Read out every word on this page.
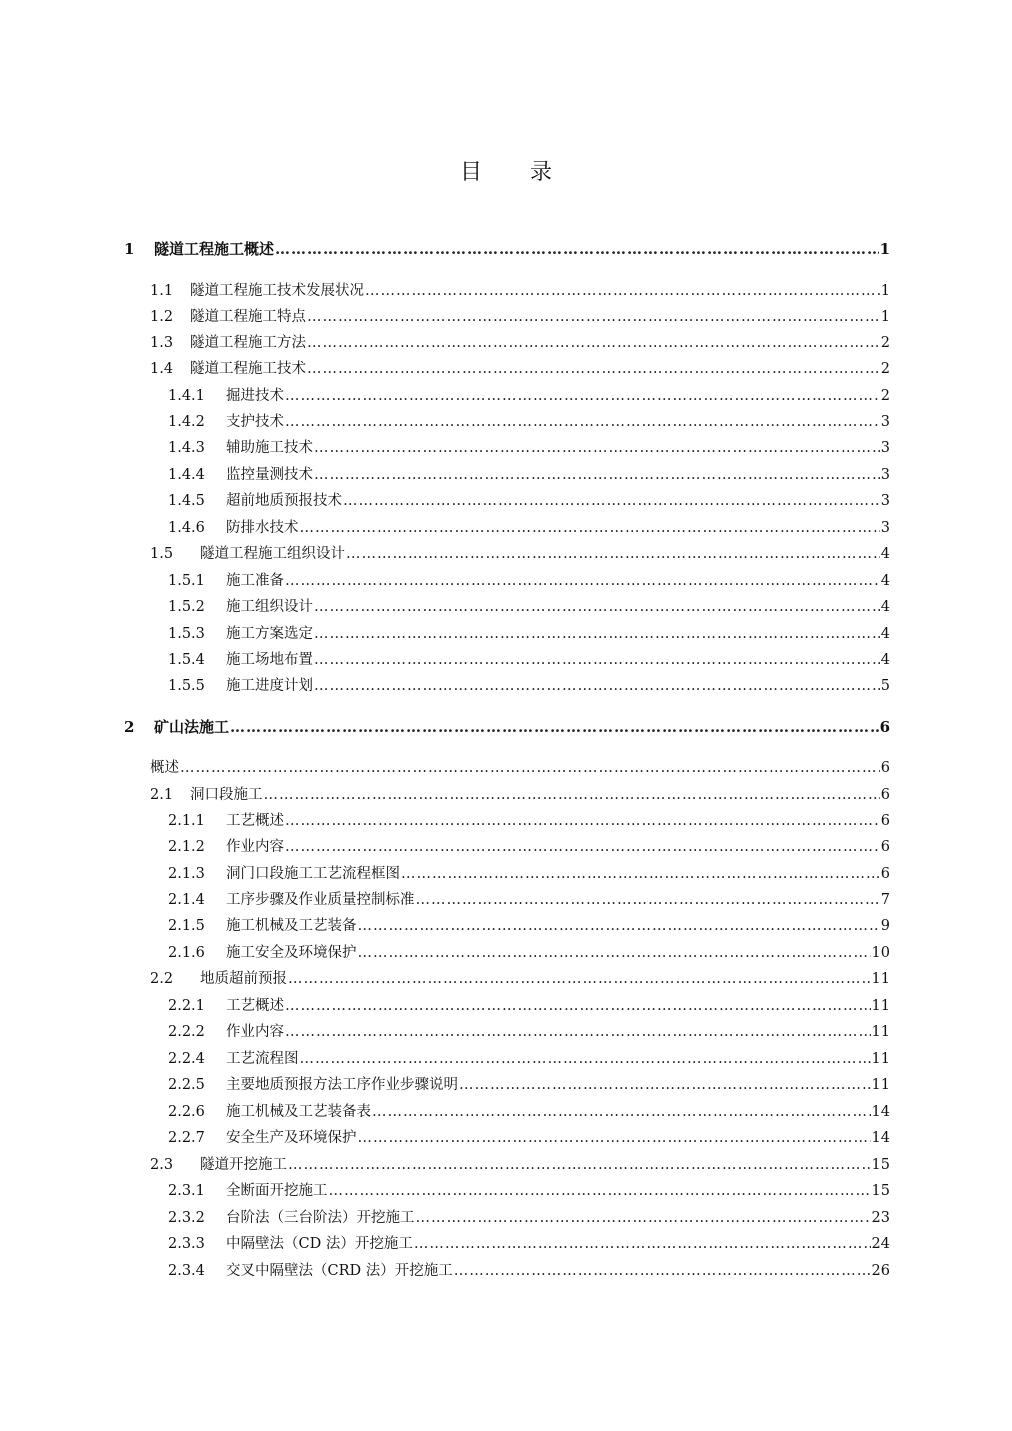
目 录
1	隧道工程施工概述 …………………………………………………………………………………………………………………………………………………………………………………………………	1
1.1	隧道工程施工技术发展状况 …………………………………………………………………………………………………………………………………………………………………………………………………	1
1.2	隧道工程施工特点 …………………………………………………………………………………………………………………………………………………………………………………………………	1
1.3	隧道工程施工方法 …………………………………………………………………………………………………………………………………………………………………………………………………	2
1.4	隧道工程施工技术 …………………………………………………………………………………………………………………………………………………………………………………………………	2
1.4.1	掘进技术 …………………………………………………………………………………………………………………………………………………………………………………………………	2
1.4.2	支护技术 …………………………………………………………………………………………………………………………………………………………………………………………………	3
1.4.3	辅助施工技术 …………………………………………………………………………………………………………………………………………………………………………………………………	3
1.4.4	监控量测技术 …………………………………………………………………………………………………………………………………………………………………………………………………	3
1.4.5	超前地质预报技术 …………………………………………………………………………………………………………………………………………………………………………………………………	3
1.4.6	防排水技术 …………………………………………………………………………………………………………………………………………………………………………………………………	3
1.5	隧道工程施工组织设计 …………………………………………………………………………………………………………………………………………………………………………………………………	4
1.5.1	施工准备 …………………………………………………………………………………………………………………………………………………………………………………………………	4
1.5.2	施工组织设计 …………………………………………………………………………………………………………………………………………………………………………………………………	4
1.5.3	施工方案选定 …………………………………………………………………………………………………………………………………………………………………………………………………	4
1.5.4	施工场地布置 …………………………………………………………………………………………………………………………………………………………………………………………………	4
1.5.5	施工进度计划 …………………………………………………………………………………………………………………………………………………………………………………………………	5
2	矿山法施工 …………………………………………………………………………………………………………………………………………………………………………………………………	6
概述 …………………………………………………………………………………………………………………………………………………………………………………………………	6
2.1	洞口段施工 …………………………………………………………………………………………………………………………………………………………………………………………………	6
2.1.1	工艺概述 …………………………………………………………………………………………………………………………………………………………………………………………………	6
2.1.2	作业内容 …………………………………………………………………………………………………………………………………………………………………………………………………	6
2.1.3	洞门口段施工工艺流程框图 …………………………………………………………………………………………………………………………………………………………………………………………………	6
2.1.4	工序步骤及作业质量控制标准 …………………………………………………………………………………………………………………………………………………………………………………………………	7
2.1.5	施工机械及工艺装备 …………………………………………………………………………………………………………………………………………………………………………………………………	9
2.1.6	施工安全及环境保护 …………………………………………………………………………………………………………………………………………………………………………………………………	10
2.2	地质超前预报 …………………………………………………………………………………………………………………………………………………………………………………………………	11
2.2.1	工艺概述 …………………………………………………………………………………………………………………………………………………………………………………………………	11
2.2.2	作业内容 …………………………………………………………………………………………………………………………………………………………………………………………………	11
2.2.4	工艺流程图 …………………………………………………………………………………………………………………………………………………………………………………………………	11
2.2.5	主要地质预报方法工序作业步骤说明 …………………………………………………………………………………………………………………………………………………………………………………………………	11
2.2.6	施工机械及工艺装备表 …………………………………………………………………………………………………………………………………………………………………………………………………	14
2.2.7	安全生产及环境保护 …………………………………………………………………………………………………………………………………………………………………………………………………	14
2.3	隧道开挖施工 …………………………………………………………………………………………………………………………………………………………………………………………………	15
2.3.1	全断面开挖施工 …………………………………………………………………………………………………………………………………………………………………………………………………	15
2.3.2	台阶法（三台阶法）开挖施工 …………………………………………………………………………………………………………………………………………………………………………………………………	23
2.3.3	中隔壁法（CD 法）开挖施工 …………………………………………………………………………………………………………………………………………………………………………………………………	24
2.3.4	交叉中隔壁法（CRD 法）开挖施工 …………………………………………………………………………………………………………………………………………………………………………………………………	26
